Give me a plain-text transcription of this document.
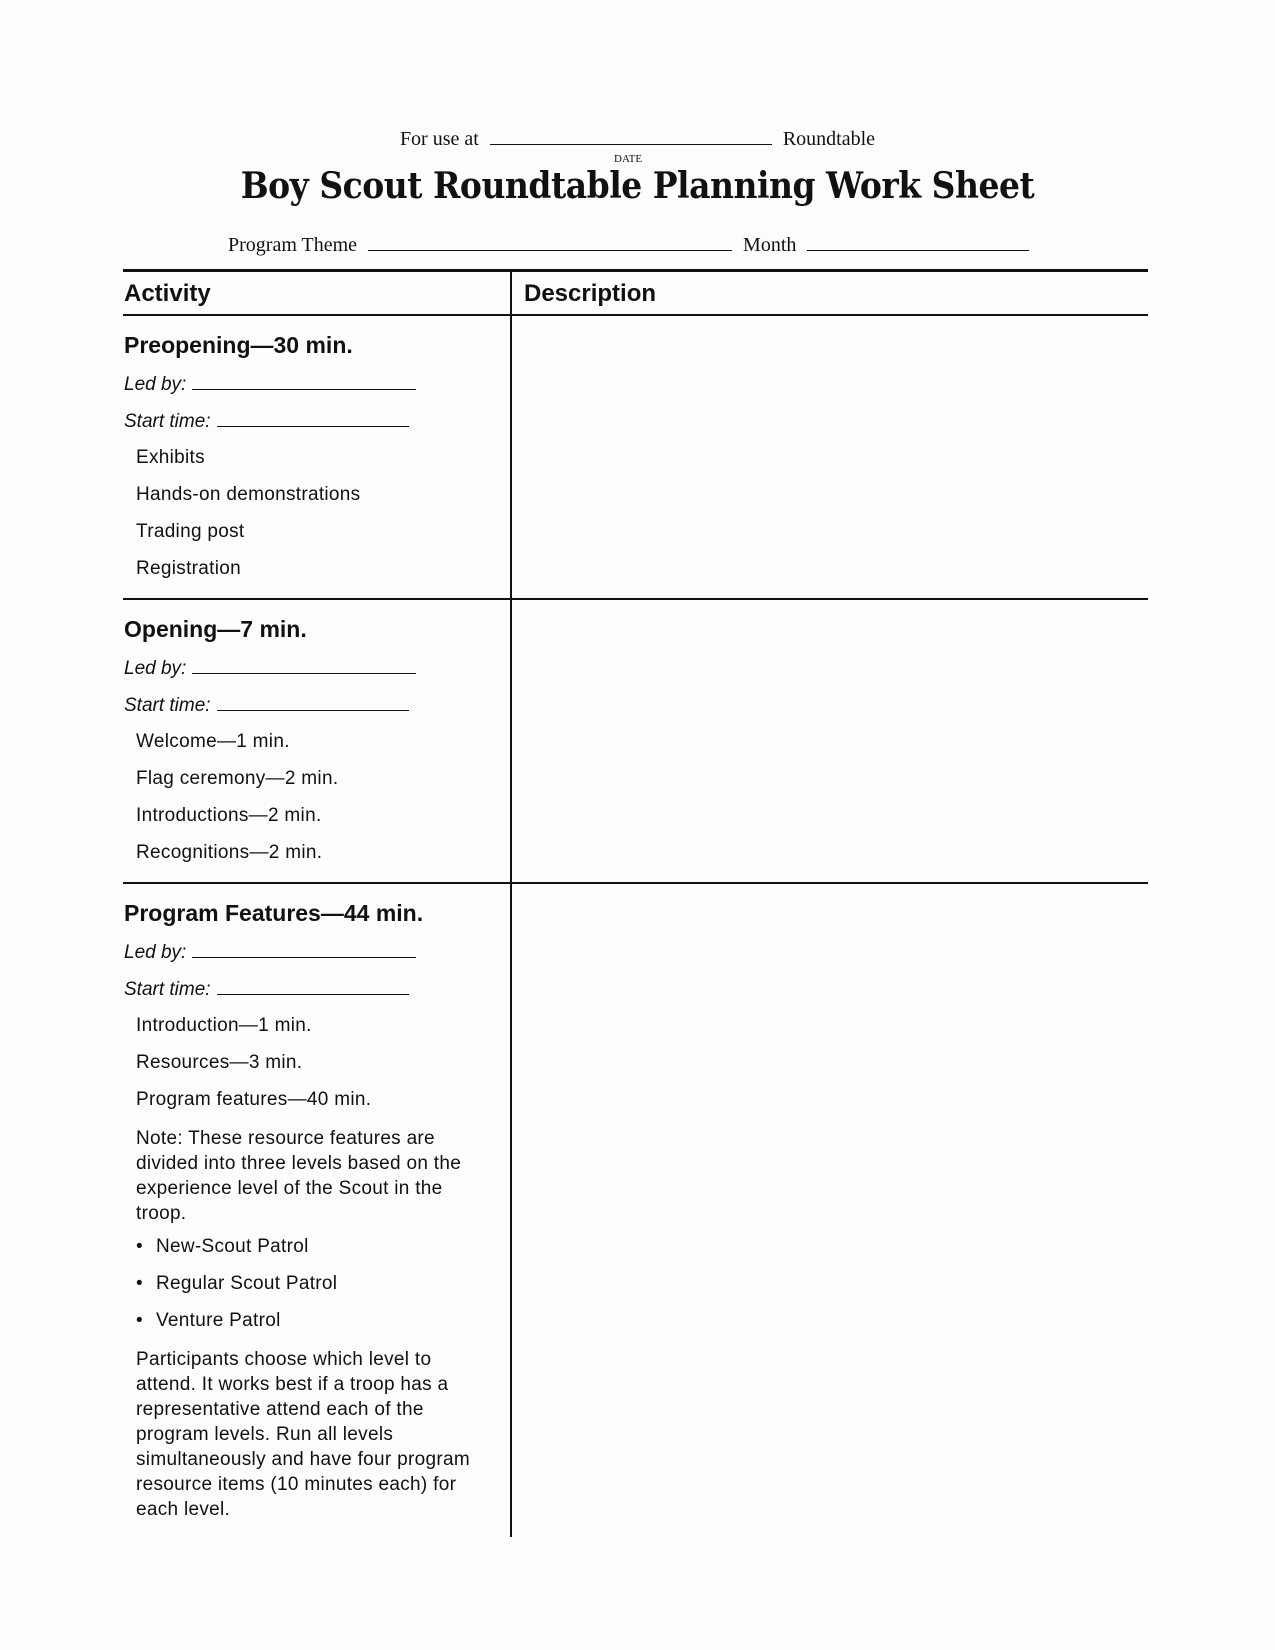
For use at	Roundtable
DATE
Boy Scout Roundtable Planning Work Sheet
Program Theme	Month
Activity	Description
Preopening—30 min.
Led by:
Start time:
Exhibits
Hands-on demonstrations
Trading post
Registration
Opening—7 min.
Led by:
Start time:
Welcome—1 min.
Flag ceremony—2 min.
Introductions—2 min.
Recognitions—2 min.
Program Features—44 min.
Led by:
Start time:
Introduction—1 min.
Resources—3 min.
Program features—40 min.
Note: These resource features are divided into three levels based on the experience level of the Scout in the troop.
• New-Scout Patrol
• Regular Scout Patrol
• Venture Patrol
Participants choose which level to attend. It works best if a troop has a representative attend each of the program levels. Run all levels simultaneously and have four program resource items (10 minutes each) for each level.
